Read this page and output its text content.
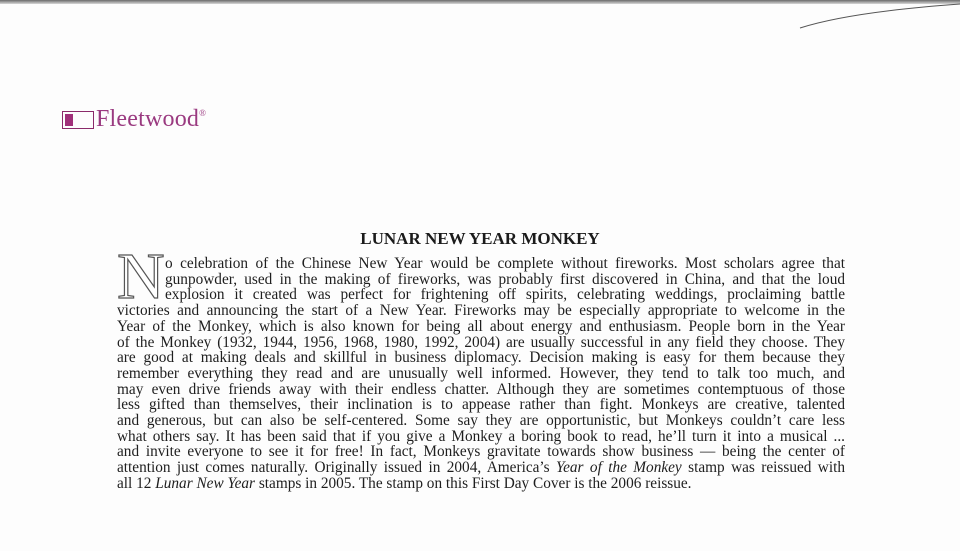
Fleetwood®
LUNAR NEW YEAR MONKEY
N o celebration of the Chinese New Year would be complete without fireworks. Most scholars agree that
gunpowder, used in the making of fireworks, was probably first discovered in China, and that the loud
explosion it created was perfect for frightening off spirits, celebrating weddings, proclaiming battle
victories and announcing the start of a New Year. Fireworks may be especially appropriate to welcome in the
Year of the Monkey, which is also known for being all about energy and enthusiasm. People born in the Year
of the Monkey (1932, 1944, 1956, 1968, 1980, 1992, 2004) are usually successful in any field they choose. They
are good at making deals and skillful in business diplomacy. Decision making is easy for them because they
remember everything they read and are unusually well informed. However, they tend to talk too much, and
may even drive friends away with their endless chatter. Although they are sometimes contemptuous of those
less gifted than themselves, their inclination is to appease rather than fight. Monkeys are creative, talented
and generous, but can also be self-centered. Some say they are opportunistic, but Monkeys couldn’t care less
what others say. It has been said that if you give a Monkey a boring book to read, he’ll turn it into a musical ...
and invite everyone to see it for free! In fact, Monkeys gravitate towards show business — being the center of
attention just comes naturally. Originally issued in 2004, America’s Year of the Monkey stamp was reissued with
all 12 Lunar New Year stamps in 2005. The stamp on this First Day Cover is the 2006 reissue.
